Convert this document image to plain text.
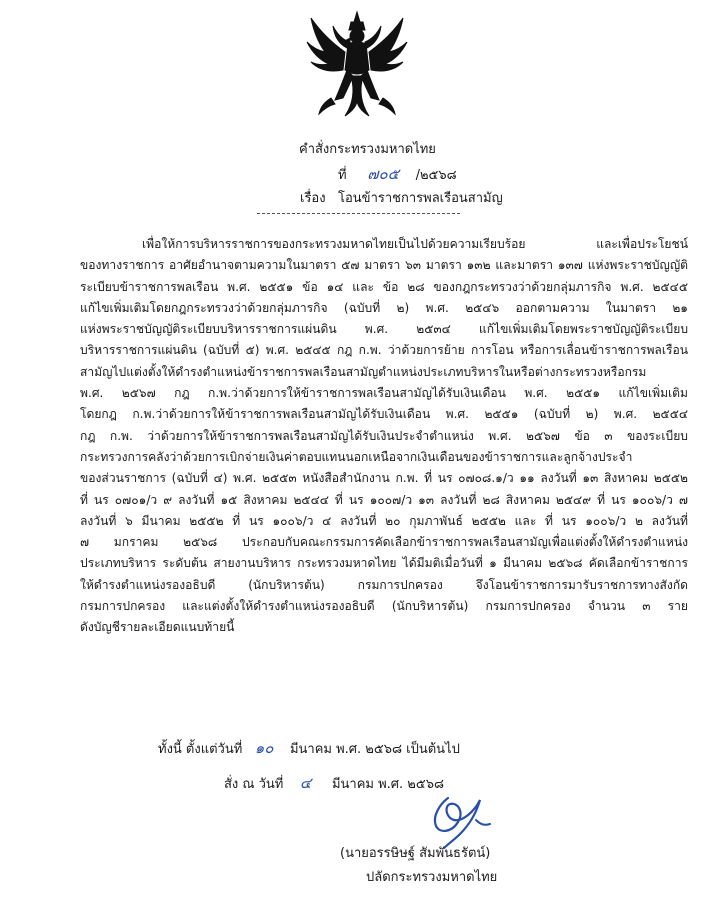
คำสั่งกระทรวงมหาดไทย
ที่ ๗๐๕ /๒๕๖๘
เรื่อง โอนข้าราชการพลเรือนสามัญ
เพื่อให้การบริหารราชการของกระทรวงมหาดไทยเป็นไปด้วยความเรียบร้อย และเพื่อประโยชน์
ของทางราชการ อาศัยอำนาจตามความในมาตรา ๕๗ มาตรา ๖๓ มาตรา ๑๓๒ และมาตรา ๑๓๗ แห่งพระราชบัญญัติ
ระเบียบข้าราชการพลเรือน พ.ศ. ๒๕๕๑ ข้อ ๑๔ และ ข้อ ๒๘ ของกฎกระทรวงว่าด้วยกลุ่มภารกิจ พ.ศ. ๒๕๔๕
แก้ไขเพิ่มเติมโดยกฎกระทรวงว่าด้วยกลุ่มภารกิจ (ฉบับที่ ๒) พ.ศ. ๒๕๔๖ ออกตามความ ในมาตรา ๒๑
แห่งพระราชบัญญัติระเบียบบริหารราชการแผ่นดิน พ.ศ. ๒๕๓๔ แก้ไขเพิ่มเติมโดยพระราชบัญญัติระเบียบ
บริหารราชการแผ่นดิน (ฉบับที่ ๕) พ.ศ. ๒๕๔๕ กฎ ก.พ. ว่าด้วยการย้าย การโอน หรือการเลื่อนข้าราชการพลเรือน
สามัญไปแต่งตั้งให้ดำรงตำแหน่งข้าราชการพลเรือนสามัญตำแหน่งประเภทบริหารในหรือต่างกระทรวงหรือกรม
พ.ศ. ๒๕๖๗ กฎ ก.พ.ว่าด้วยการให้ข้าราชการพลเรือนสามัญได้รับเงินเดือน พ.ศ. ๒๕๕๑ แก้ไขเพิ่มเติม
โดยกฎ ก.พ.ว่าด้วยการให้ข้าราชการพลเรือนสามัญได้รับเงินเดือน พ.ศ. ๒๕๕๑ (ฉบับที่ ๒) พ.ศ. ๒๕๕๔
กฎ ก.พ. ว่าด้วยการให้ข้าราชการพลเรือนสามัญได้รับเงินประจำตำแหน่ง พ.ศ. ๒๕๖๗ ข้อ ๓ ของระเบียบ
กระทรวงการคลังว่าด้วยการเบิกจ่ายเงินค่าตอบแทนนอกเหนือจากเงินเดือนของข้าราชการและลูกจ้างประจำ
ของส่วนราชการ (ฉบับที่ ๔) พ.ศ. ๒๕๕๓ หนังสือสำนักงาน ก.พ. ที่ นร ๐๗๐๘.๑/ว ๑๑ ลงวันที่ ๑๓ สิงหาคม ๒๕๕๒
ที่ นร ๐๗๐๑/ว ๙ ลงวันที่ ๑๕ สิงหาคม ๒๕๔๔ ที่ นร ๑๐๐๗/ว ๑๓ ลงวันที่ ๒๘ สิงหาคม ๒๕๔๙ ที่ นร ๑๐๐๖/ว ๗
ลงวันที่ ๖ มีนาคม ๒๕๕๒ ที่ นร ๑๐๐๖/ว ๔ ลงวันที่ ๒๐ กุมภาพันธ์ ๒๕๕๒ และ ที่ นร ๑๐๐๖/ว ๒ ลงวันที่
๗ มกราคม ๒๕๖๘ ประกอบกับคณะกรรมการคัดเลือกข้าราชการพลเรือนสามัญเพื่อแต่งตั้งให้ดำรงตำแหน่ง
ประเภทบริหาร ระดับต้น สายงานบริหาร กระทรวงมหาดไทย ได้มีมติเมื่อวันที่ ๑ มีนาคม ๒๕๖๘ คัดเลือกข้าราชการ
ให้ดำรงตำแหน่งรองอธิบดี (นักบริหารต้น) กรมการปกครอง จึงโอนข้าราชการมารับราชการทางสังกัด
กรมการปกครอง และแต่งตั้งให้ดำรงตำแหน่งรองอธิบดี (นักบริหารต้น) กรมการปกครอง จำนวน ๓ ราย
ดังบัญชีรายละเอียดแนบท้ายนี้
ทั้งนี้ ตั้งแต่วันที่ ๑๐ มีนาคม พ.ศ. ๒๕๖๘ เป็นต้นไป
สั่ง ณ วันที่ ๔ มีนาคม พ.ศ. ๒๕๖๘
(นายอรรษิษฐ์ สัมพันธรัตน์)
ปลัดกระทรวงมหาดไทย
